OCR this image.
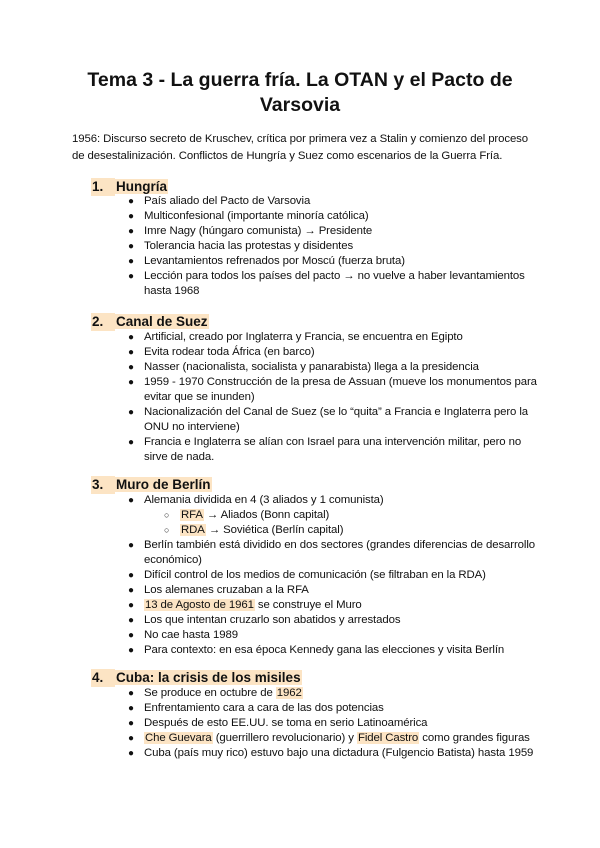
Tema 3 - La guerra fría. La OTAN y el Pacto de Varsovia
1956: Discurso secreto de Kruschev, crítica por primera vez a Stalin y comienzo del proceso de desestalinización. Conflictos de Hungría y Suez como escenarios de la Guerra Fría.
1. Hungría
● País aliado del Pacto de Varsovia
● Multiconfesional (importante minoría católica)
● Imre Nagy (húngaro comunista) → Presidente
● Tolerancia hacia las protestas y disidentes
● Levantamientos refrenados por Moscú (fuerza bruta)
● Lección para todos los países del pacto → no vuelve a haber levantamientos hasta 1968
2. Canal de Suez
● Artificial, creado por Inglaterra y Francia, se encuentra en Egipto
● Evita rodear toda África (en barco)
● Nasser (nacionalista, socialista y panarabista) llega a la presidencia
● 1959 - 1970 Construcción de la presa de Assuan (mueve los monumentos para evitar que se inunden)
● Nacionalización del Canal de Suez (se lo “quita” a Francia e Inglaterra pero la ONU no interviene)
● Francia e Inglaterra se alían con Israel para una intervención militar, pero no sirve de nada.
3. Muro de Berlín
● Alemania dividida en 4 (3 aliados y 1 comunista)
○ RFA → Aliados (Bonn capital)
○ RDA → Soviética (Berlín capital)
● Berlín también está dividido en dos sectores (grandes diferencias de desarrollo económico)
● Difícil control de los medios de comunicación (se filtraban en la RDA)
● Los alemanes cruzaban a la RFA
● 13 de Agosto de 1961 se construye el Muro
● Los que intentan cruzarlo son abatidos y arrestados
● No cae hasta 1989
● Para contexto: en esa época Kennedy gana las elecciones y visita Berlín
4. Cuba: la crisis de los misiles
● Se produce en octubre de 1962
● Enfrentamiento cara a cara de las dos potencias
● Después de esto EE.UU. se toma en serio Latinoamérica
● Che Guevara (guerrillero revolucionario) y Fidel Castro como grandes figuras
● Cuba (país muy rico) estuvo bajo una dictadura (Fulgencio Batista) hasta 1959
